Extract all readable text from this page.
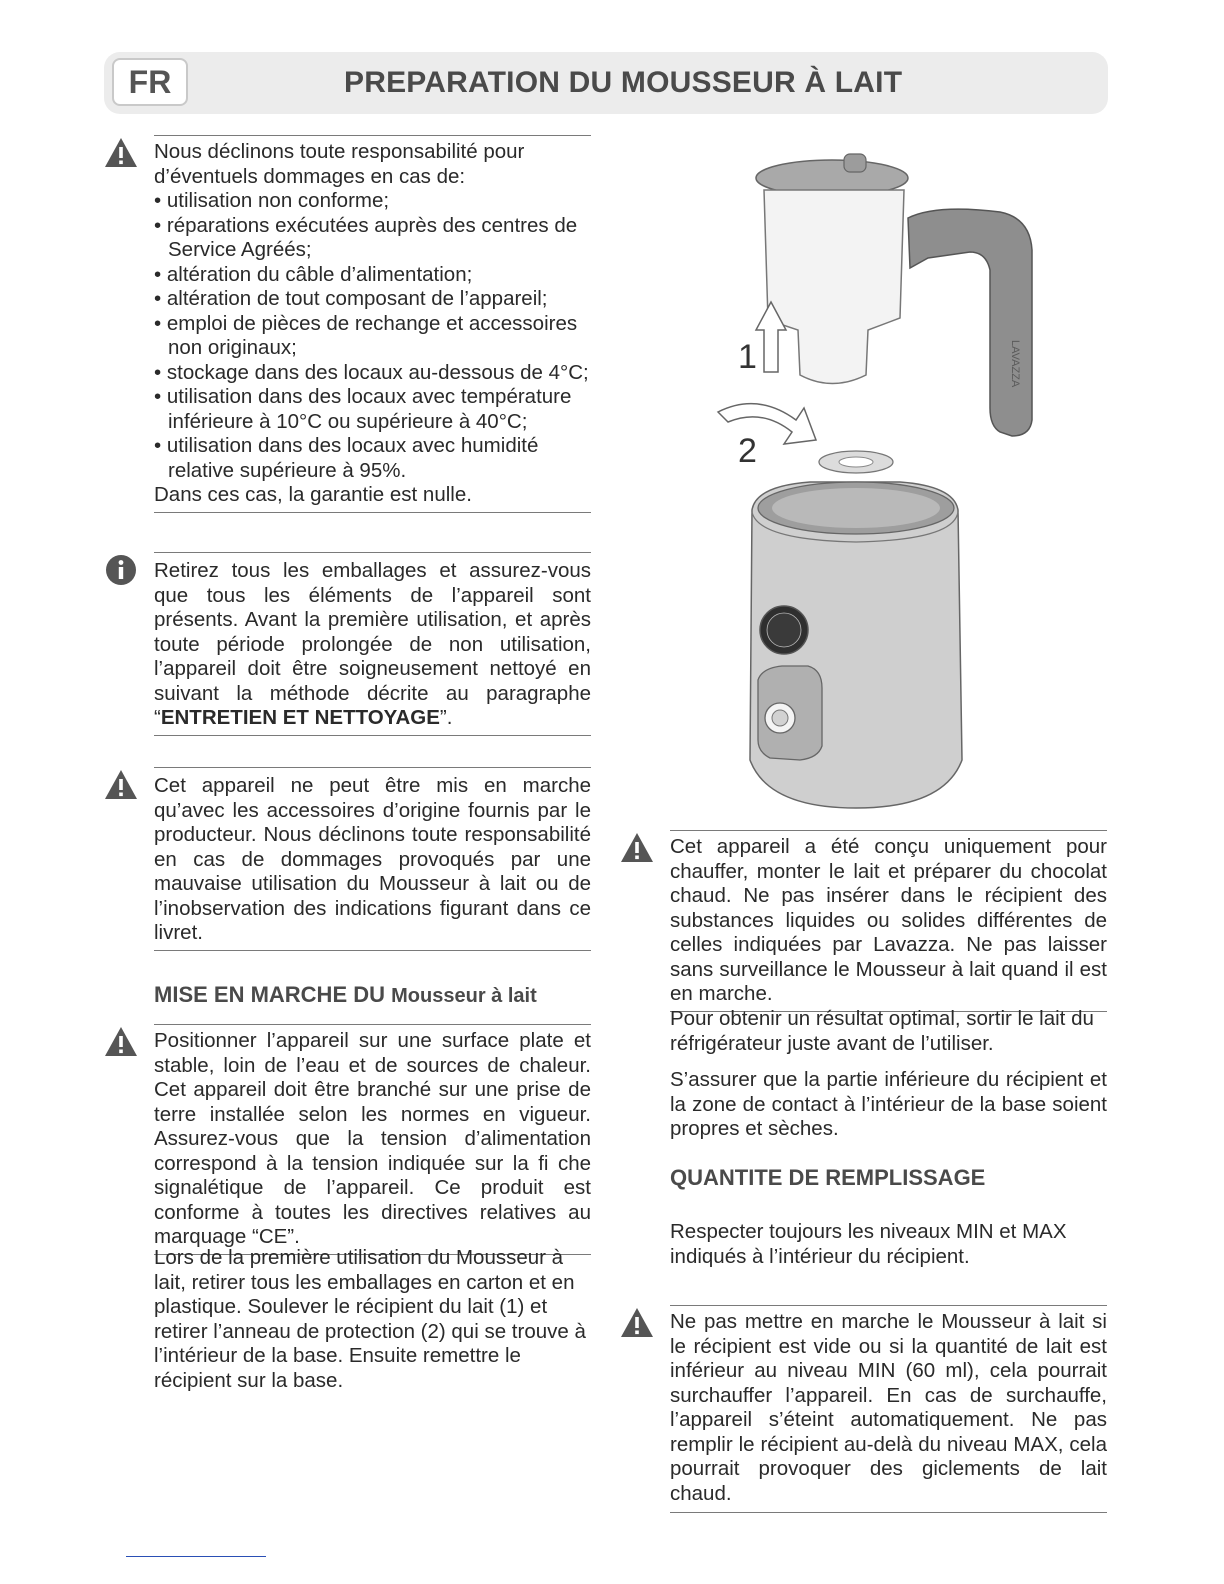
FR	PREPARATION DU MOUSSEUR À LAIT
Nous déclinons toute responsabilité pour d’éventuels dommages en cas de:
• utilisation non conforme;
• réparations exécutées auprès des centres de Service Agréés;
• altération du câble d’alimentation;
• altération de tout composant de l’appareil;
• emploi de pièces de rechange et accessoires non originaux;
• stockage dans des locaux au-dessous de 4°C;
• utilisation dans des locaux avec température inférieure à 10°C ou supérieure à 40°C;
• utilisation dans des locaux avec humidité relative supérieure à 95%.
Dans ces cas, la garantie est nulle.
Retirez tous les emballages et assurez-vous que tous les éléments de l’appareil sont présents. Avant la première utilisation, et après toute période prolongée de non utilisation, l’appareil doit être soigneusement nettoyé en suivant la méthode décrite au paragraphe “ENTRETIEN ET NETTOYAGE”.
Cet appareil ne peut être mis en marche qu’avec les accessoires d’origine fournis par le producteur. Nous déclinons toute responsabilité en cas de dommages provoqués par une mauvaise utilisation du Mousseur à lait ou de l’inobservation des indications figurant dans ce livret.
MISE EN MARCHE DU Mousseur à lait
Positionner l’appareil sur une surface plate et stable, loin de l’eau et de sources de chaleur. Cet appareil doit être branché sur une prise de terre installée selon les normes en vigueur. Assurez-vous que la tension d’alimentation correspond à la tension indiquée sur la fi che signalétique de l’appareil. Ce produit est conforme à toutes les directives relatives au marquage “CE”.
Lors de la première utilisation du Mousseur à lait, retirer tous les emballages en carton et en plastique. Soulever le récipient du lait (1) et retirer l’anneau de protection (2) qui se trouve à l’intérieur de la base. Ensuite remettre le récipient sur la base.
LAVAZZA
1
2
Cet appareil a été conçu uniquement pour chauffer, monter le lait et préparer du chocolat chaud. Ne pas insérer dans le récipient des substances liquides ou solides différentes de celles indiquées par Lavazza. Ne pas laisser sans surveillance le Mousseur à lait quand il est en marche.
Pour obtenir un résultat optimal, sortir le lait du réfrigérateur juste avant de l’utiliser.
S’assurer que la partie inférieure du récipient et la zone de contact à l’intérieur de la base soient propres et sèches.
QUANTITE DE REMPLISSAGE
Respecter toujours les niveaux MIN et MAX indiqués à l’intérieur du récipient.
Ne pas mettre en marche le Mousseur à lait si le récipient est vide ou si la quantité de lait est inférieur au niveau MIN (60 ml), cela pourrait surchauffer l’appareil. En cas de surchauffe, l’appareil s’éteint automatiquement. Ne pas remplir le récipient au-delà du niveau MAX, cela pourrait provoquer des giclements de lait chaud.
